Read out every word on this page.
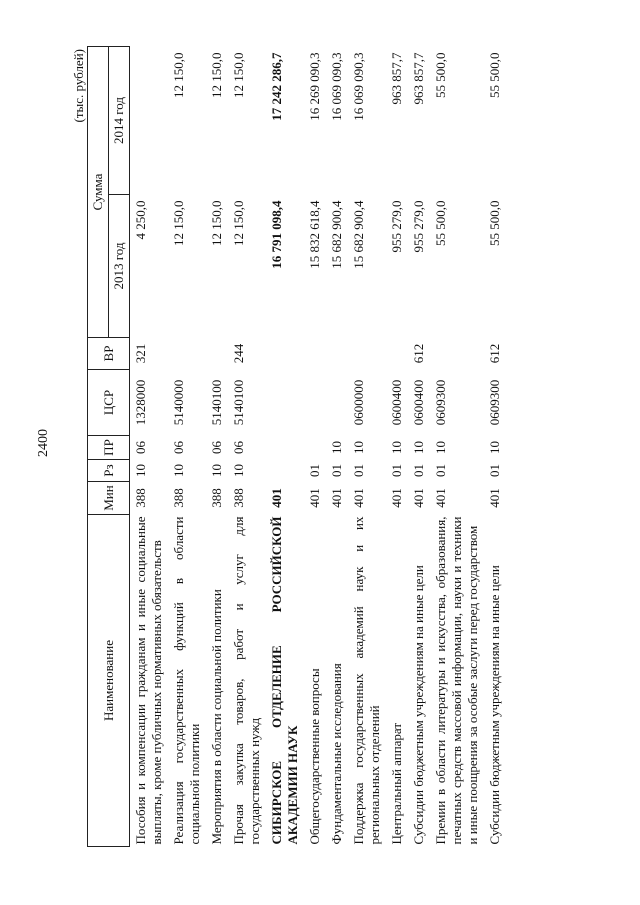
2400
(тыс. рублей)
Наименование	Мин	Рз	ПР	ЦСР	ВР	Сумма	
						2013 год	2014 год
Пособия и компенсации гражданам и иные социальные выплаты, кроме публичных нормативных обязательств	388	10	06	1328000	321	4 250,0	
Реализация государственных функций в области социальной политики	388	10	06	5140000		12 150,0	12 150,0
Мероприятия в области социальной политики	388	10	06	5140100		12 150,0	12 150,0
Прочая закупка товаров, работ и услуг для государственных нужд	388	10	06	5140100	244	12 150,0	12 150,0
СИБИРСКОЕ ОТДЕЛЕНИЕ РОССИЙСКОЙ АКАДЕМИИ НАУК	401					16 791 098,4	17 242 286,7
Общегосударственные вопросы	401	01				15 832 618,4	16 269 090,3
Фундаментальные исследования	401	01	10			15 682 900,4	16 069 090,3
Поддержка государственных академий наук и их региональных отделений	401	01	10	0600000		15 682 900,4	16 069 090,3
Центральный аппарат	401	01	10	0600400		955 279,0	963 857,7
Субсидии бюджетным учреждениям на иные цели	401	01	10	0600400	612	955 279,0	963 857,7
Премии в области литературы и искусства, образования, печатных средств массовой информации, науки и техники и иные поощрения за особые заслуги перед государством	401	01	10	0609300		55 500,0	55 500,0
Субсидии бюджетным учреждениям на иные цели	401	01	10	0609300	612	55 500,0	55 500,0
